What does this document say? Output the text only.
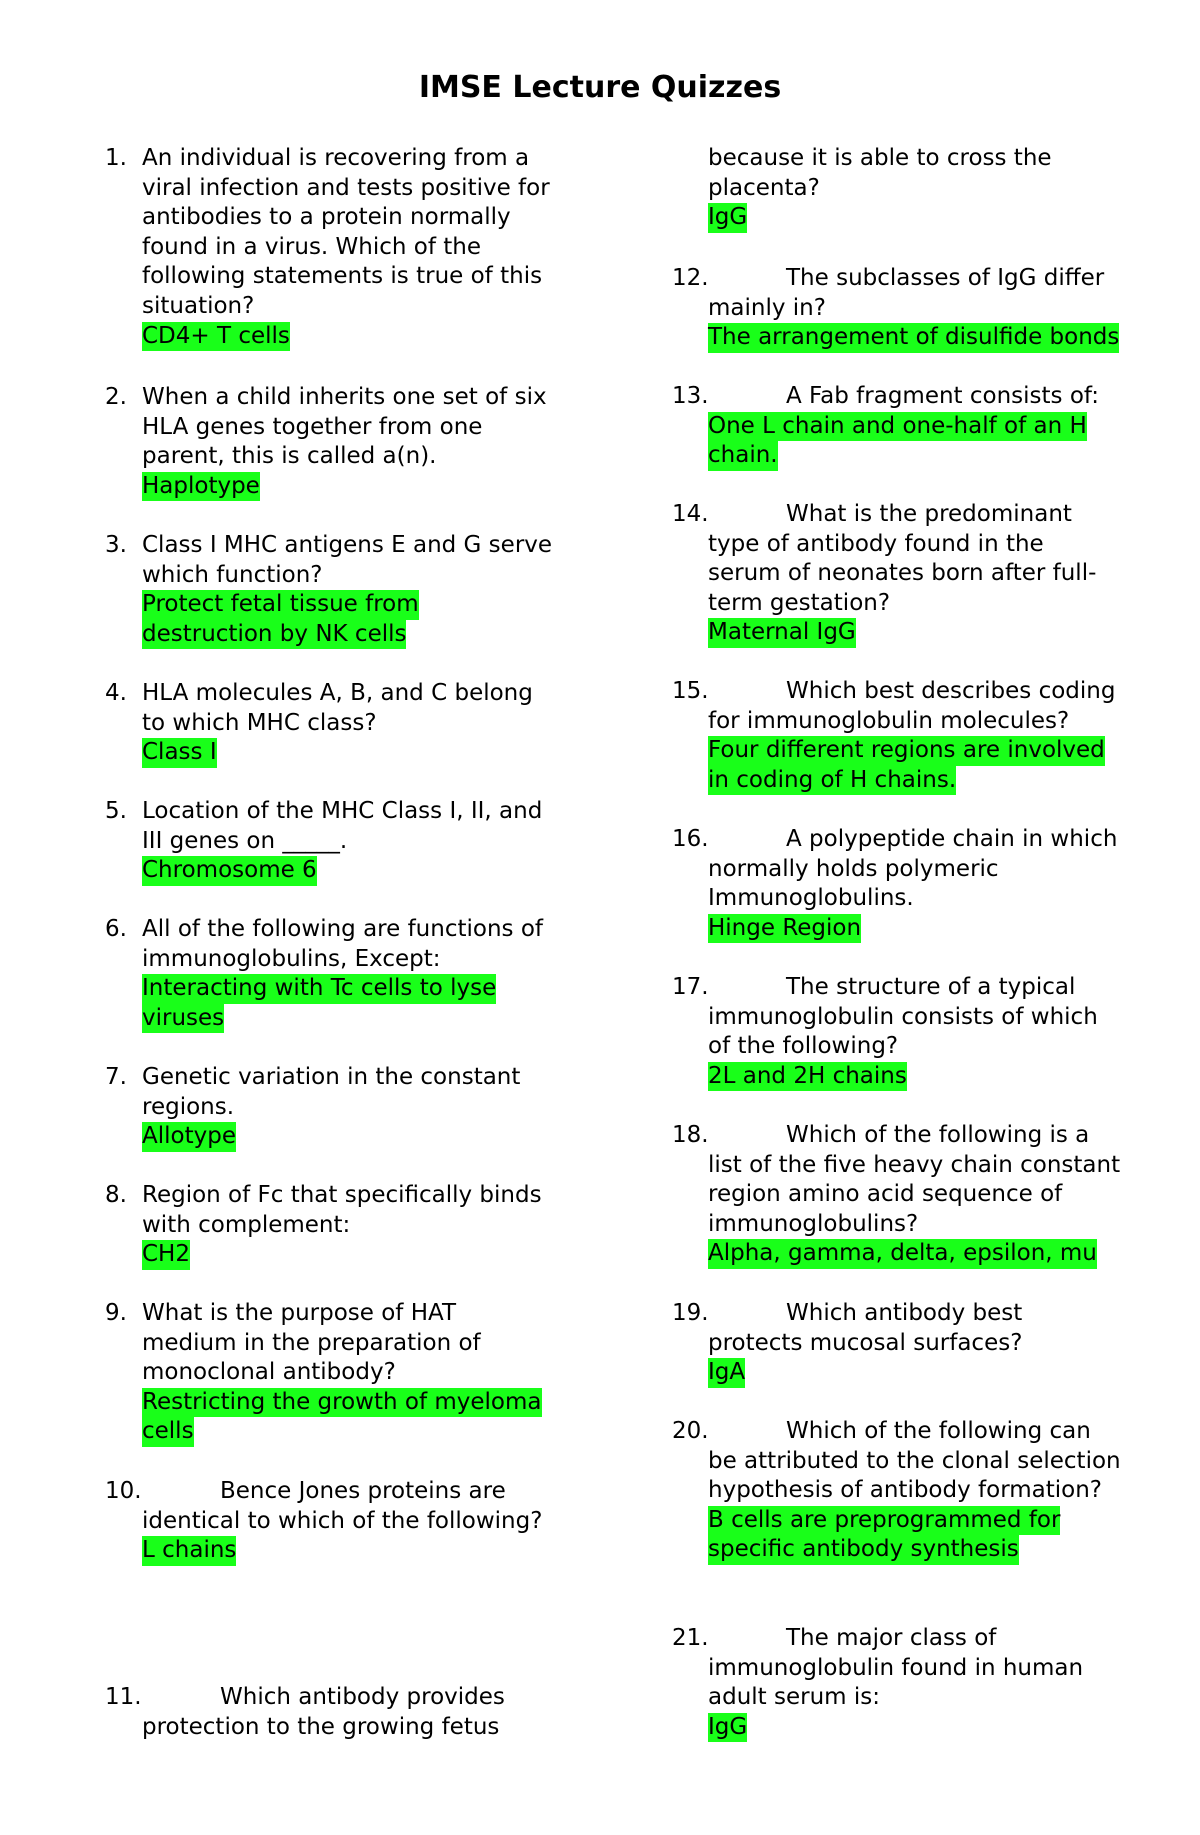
IMSE Lecture Quizzes
1. An individual is recovering from a
viral infection and tests positive for
antibodies to a protein normally
found in a virus. Which of the
following statements is true of this
situation?
CD4+ T cells
2. When a child inherits one set of six
HLA genes together from one
parent, this is called a(n).
Haplotype
3. Class I MHC antigens E and G serve
which function?
Protect fetal tissue from
destruction by NK cells
4. HLA molecules A, B, and C belong
to which MHC class?
Class I
5. Location of the MHC Class I, II, and
III genes on _____.
Chromosome 6
6. All of the following are functions of
immunoglobulins, Except:
Interacting with Tc cells to lyse
viruses
7. Genetic variation in the constant
regions.
Allotype
8. Region of Fc that specifically binds
with complement:
CH2
9. What is the purpose of HAT
medium in the preparation of
monoclonal antibody?
Restricting the growth of myeloma
cells
10.	Bence Jones proteins are
identical to which of the following?
L chains
11.	Which antibody provides
protection to the growing fetus
because it is able to cross the
placenta?
IgG
12.	The subclasses of IgG differ
mainly in?
The arrangement of disulfide bonds
13.	A Fab fragment consists of:
One L chain and one-half of an H
chain.
14.	What is the predominant
type of antibody found in the
serum of neonates born after full-
term gestation?
Maternal IgG
15.	Which best describes coding
for immunoglobulin molecules?
Four different regions are involved
in coding of H chains.
16.	A polypeptide chain in which
normally holds polymeric
Immunoglobulins.
Hinge Region
17.	The structure of a typical
immunoglobulin consists of which
of the following?
2L and 2H chains
18.	Which of the following is a
list of the five heavy chain constant
region amino acid sequence of
immunoglobulins?
Alpha, gamma, delta, epsilon, mu
19.	Which antibody best
protects mucosal surfaces?
IgA
20.	Which of the following can
be attributed to the clonal selection
hypothesis of antibody formation?
B cells are preprogrammed for
specific antibody synthesis
21.	The major class of
immunoglobulin found in human
adult serum is:
IgG
